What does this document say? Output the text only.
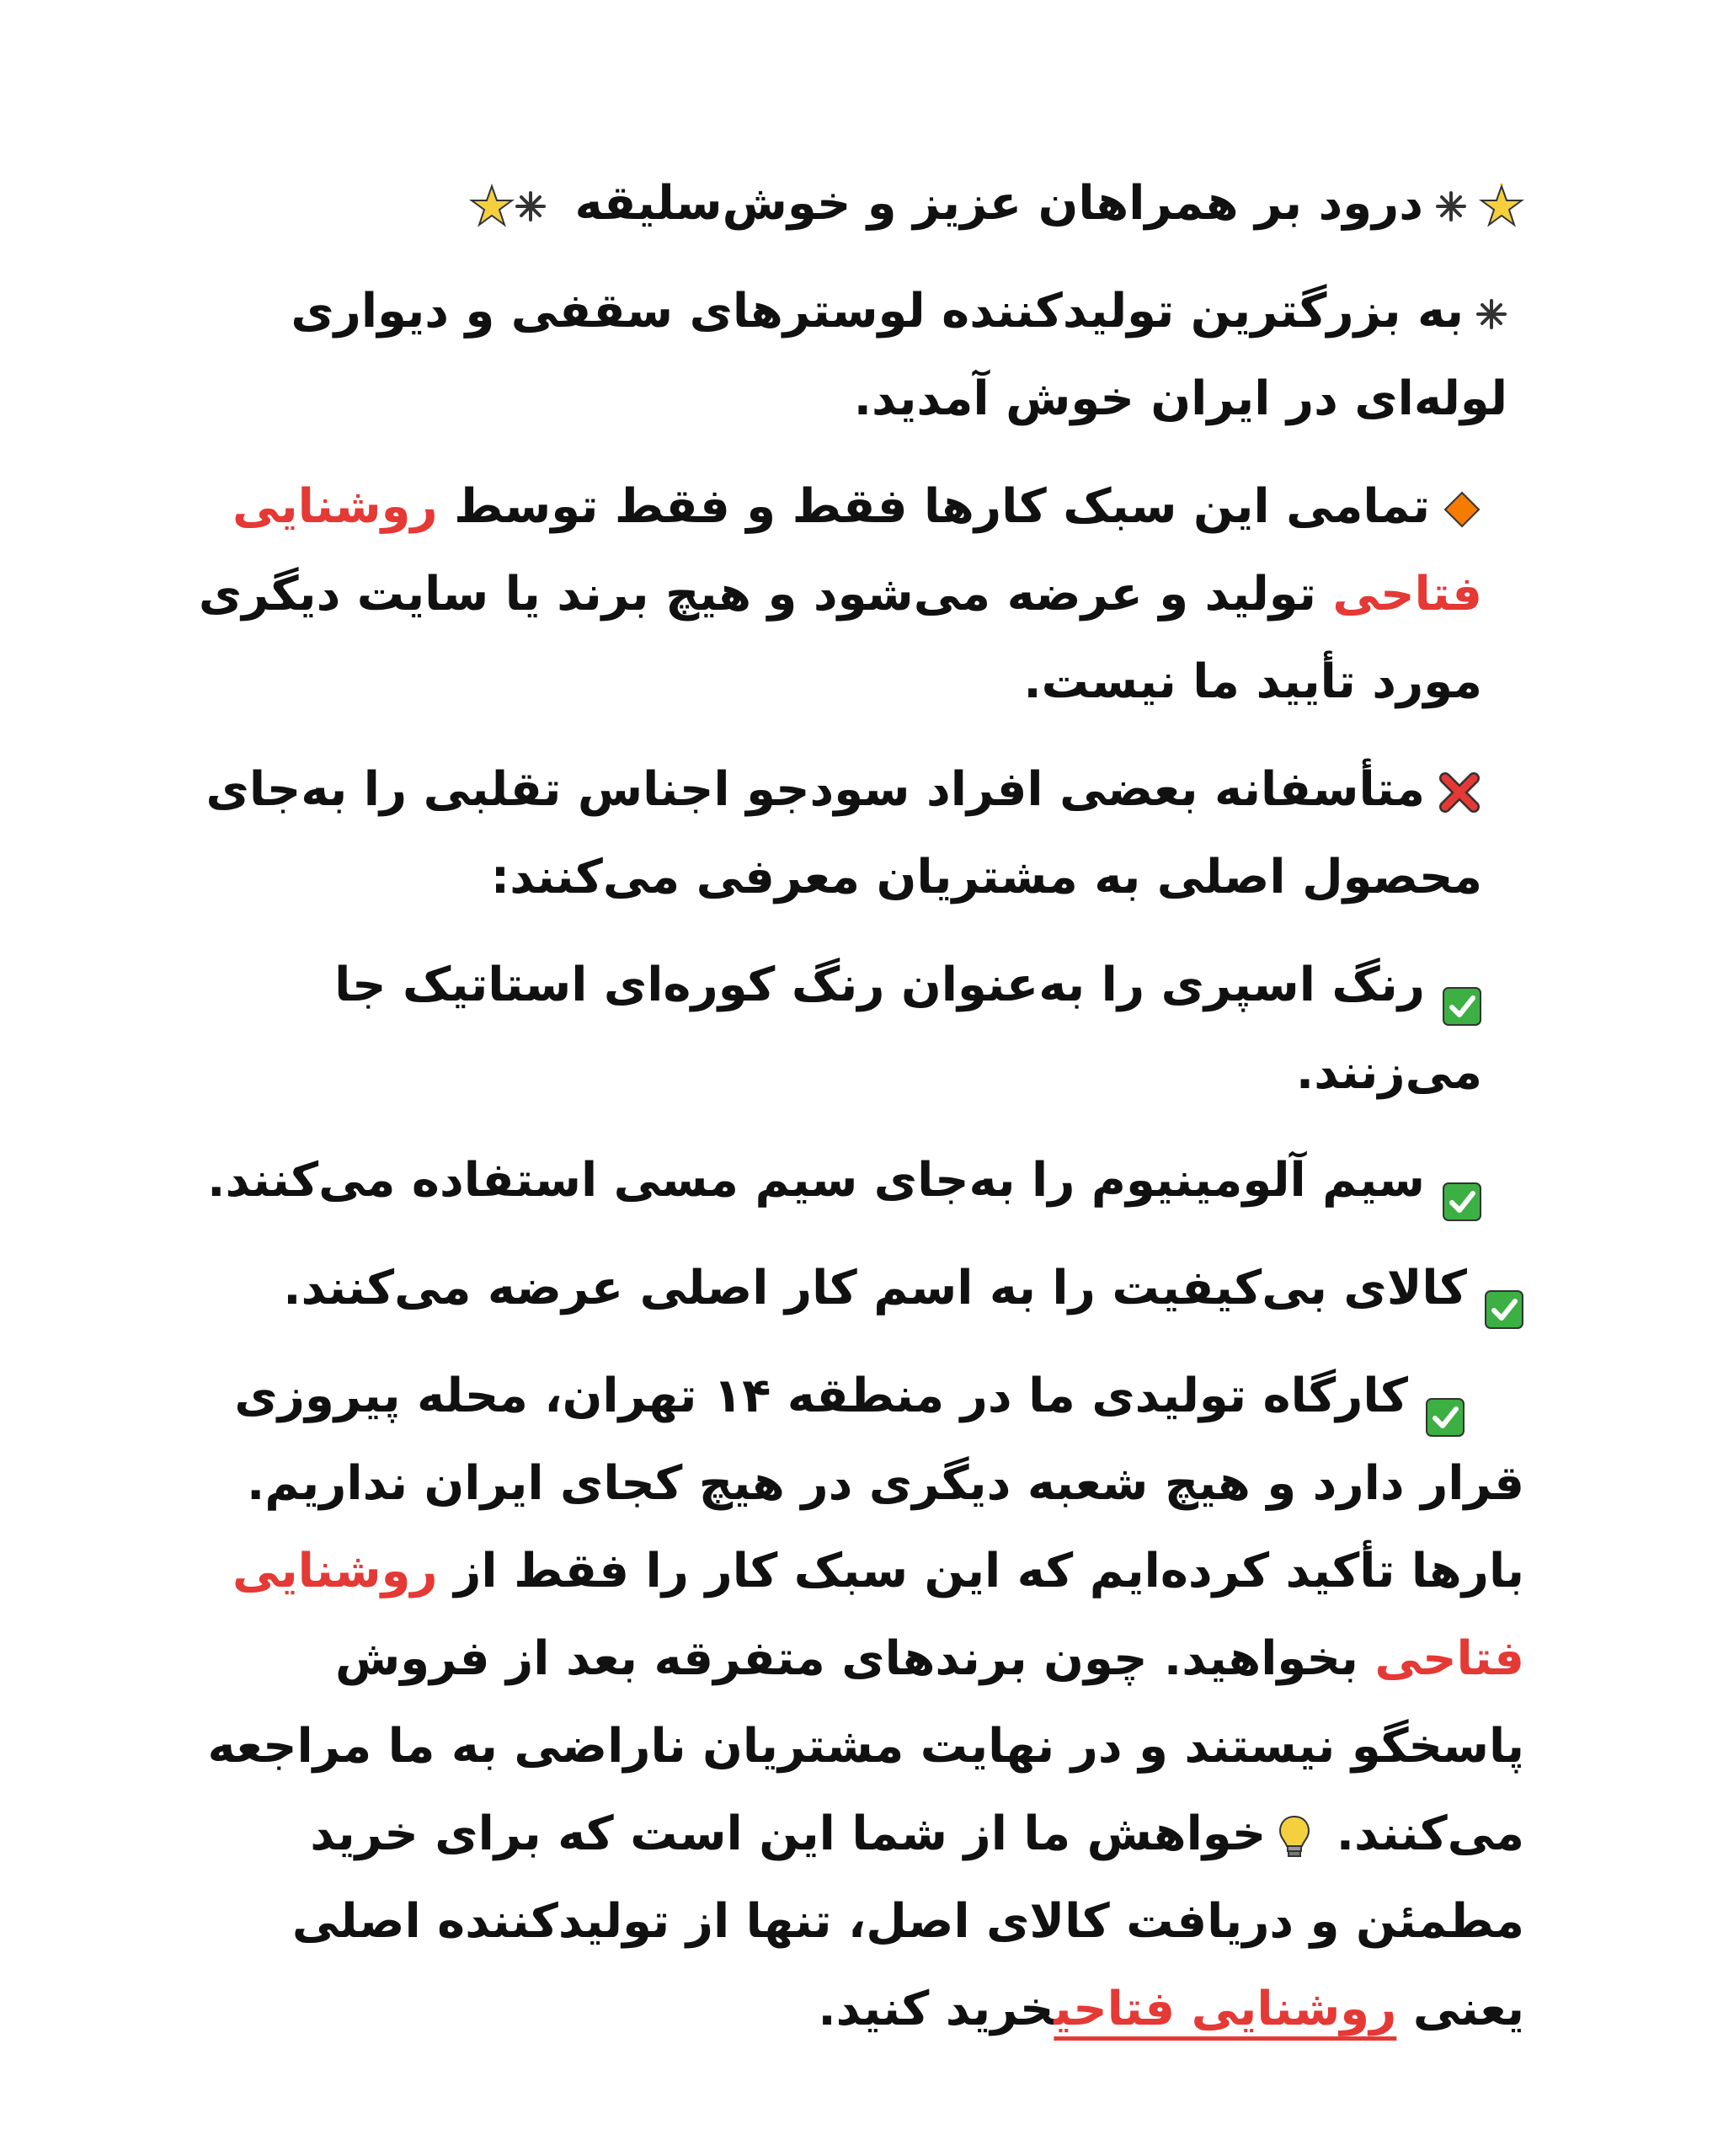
درود بر همراهان عزیز و خوش‌سلیقه

به بزرگترین تولیدکننده لوسترهای سقفی و دیواری لوله‌ای در ایران خوش آمدید.

تمامی این سبک کارها فقط و فقط توسط روشنایی فتاحی تولید و عرضه می‌شود و هیچ برند یا سایت دیگری مورد تأیید ما نیست.

متأسفانه بعضی افراد سودجو اجناس تقلبی را به‌جای محصول اصلی به مشتریان معرفی می‌کنند:

رنگ اسپری را به‌عنوان رنگ کوره‌ای استاتیک جا می‌زنند.

سیم آلومینیوم را به‌جای سیم مسی استفاده می‌کنند.

کالای بی‌کیفیت را به اسم کار اصلی عرضه می‌کنند.

کارگاه تولیدی ما در منطقه ۱۴ تهران، محله پیروزی قرار دارد و هیچ شعبه دیگری در هیچ کجای ایران نداریم. بارها تأکید کرده‌ایم که این سبک کار را فقط از روشنایی فتاحی بخواهید. چون برندهای متفرقه بعد از فروش پاسخگو نیستند و در نهایت مشتریان ناراضی به ما مراجعه می‌کنند.
خواهش ما از شما این است که برای خرید مطمئن و دریافت کالای اصل، تنها از تولیدکننده اصلی یعنی روشنایی فتاحیخرید کنید.
